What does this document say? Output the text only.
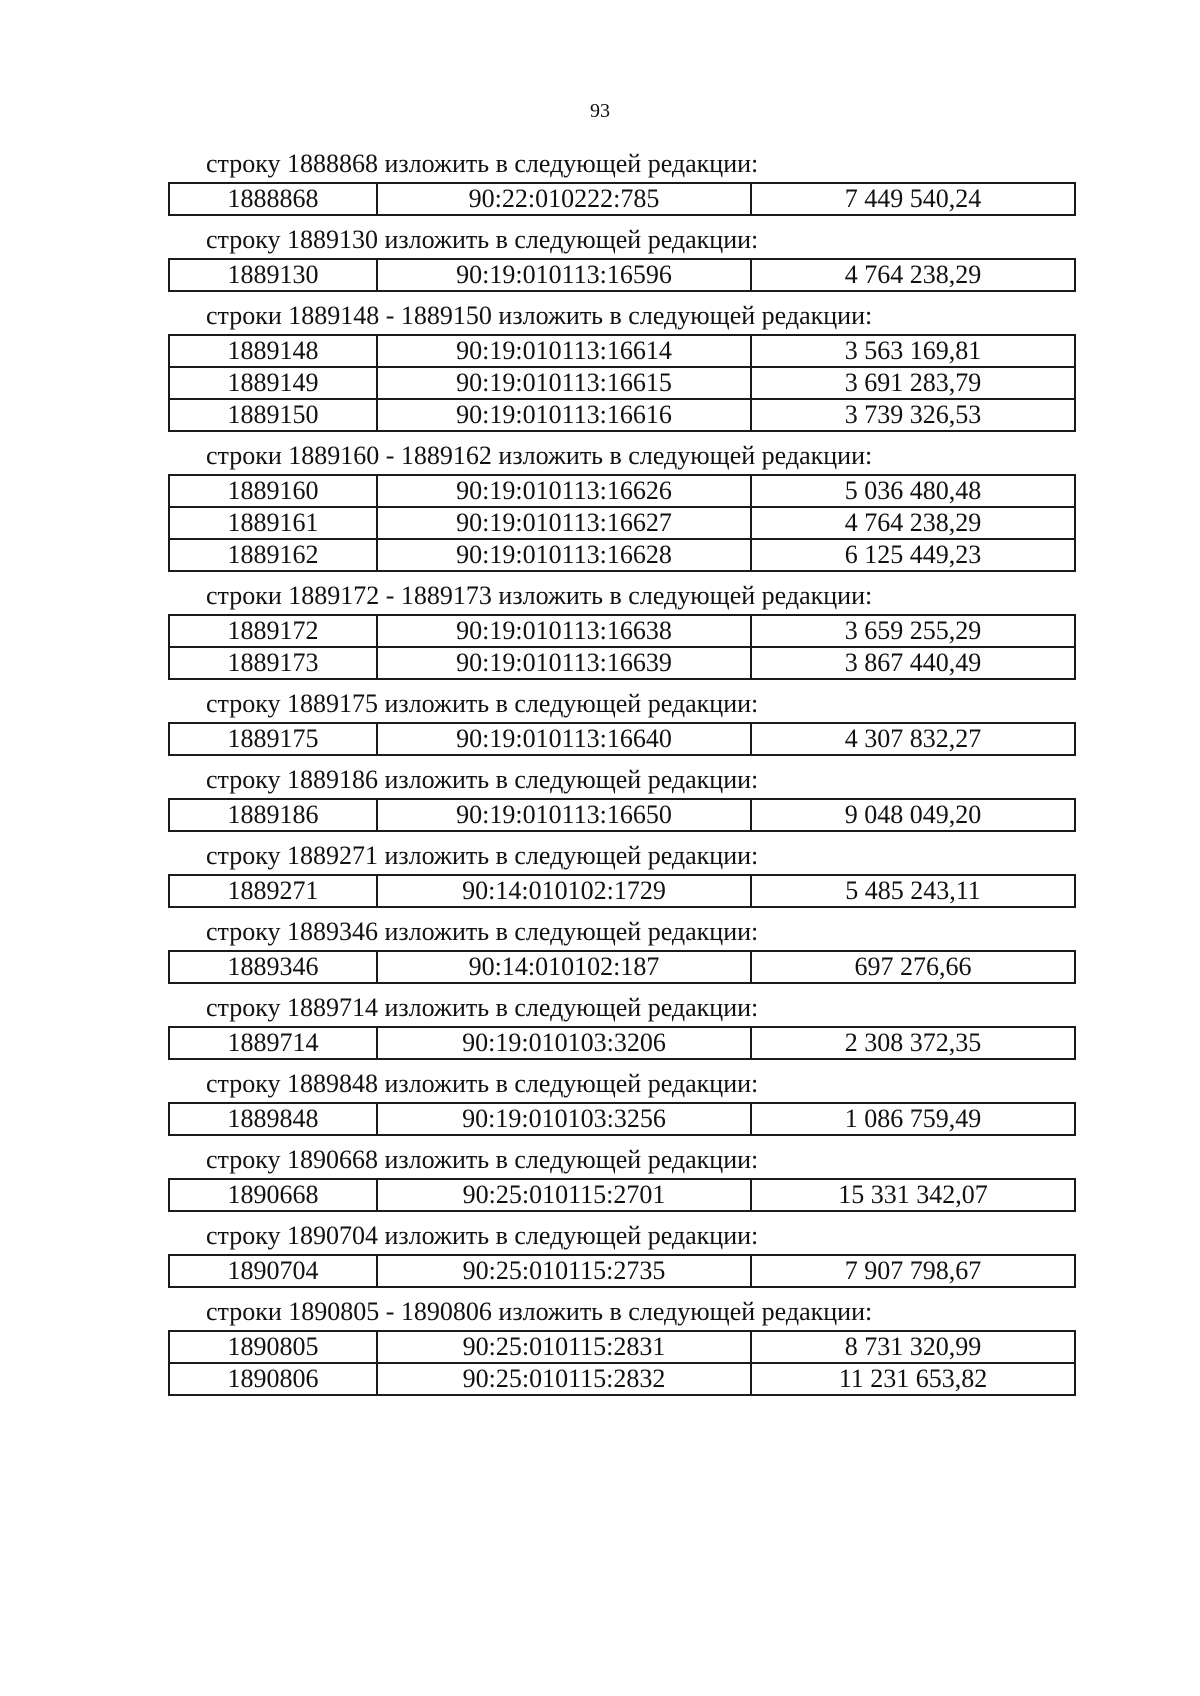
93
строку 1888868 изложить в следующей редакции:
1888868	90:22:010222:785	7 449 540,24
строку 1889130 изложить в следующей редакции:
1889130	90:19:010113:16596	4 764 238,29
строки 1889148 - 1889150 изложить в следующей редакции:
1889148	90:19:010113:16614	3 563 169,81
1889149	90:19:010113:16615	3 691 283,79
1889150	90:19:010113:16616	3 739 326,53
строки 1889160 - 1889162 изложить в следующей редакции:
1889160	90:19:010113:16626	5 036 480,48
1889161	90:19:010113:16627	4 764 238,29
1889162	90:19:010113:16628	6 125 449,23
строки 1889172 - 1889173 изложить в следующей редакции:
1889172	90:19:010113:16638	3 659 255,29
1889173	90:19:010113:16639	3 867 440,49
строку 1889175 изложить в следующей редакции:
1889175	90:19:010113:16640	4 307 832,27
строку 1889186 изложить в следующей редакции:
1889186	90:19:010113:16650	9 048 049,20
строку 1889271 изложить в следующей редакции:
1889271	90:14:010102:1729	5 485 243,11
строку 1889346 изложить в следующей редакции:
1889346	90:14:010102:187	697 276,66
строку 1889714 изложить в следующей редакции:
1889714	90:19:010103:3206	2 308 372,35
строку 1889848 изложить в следующей редакции:
1889848	90:19:010103:3256	1 086 759,49
строку 1890668 изложить в следующей редакции:
1890668	90:25:010115:2701	15 331 342,07
строку 1890704 изложить в следующей редакции:
1890704	90:25:010115:2735	7 907 798,67
строки 1890805 - 1890806 изложить в следующей редакции:
1890805	90:25:010115:2831	8 731 320,99
1890806	90:25:010115:2832	11 231 653,82
